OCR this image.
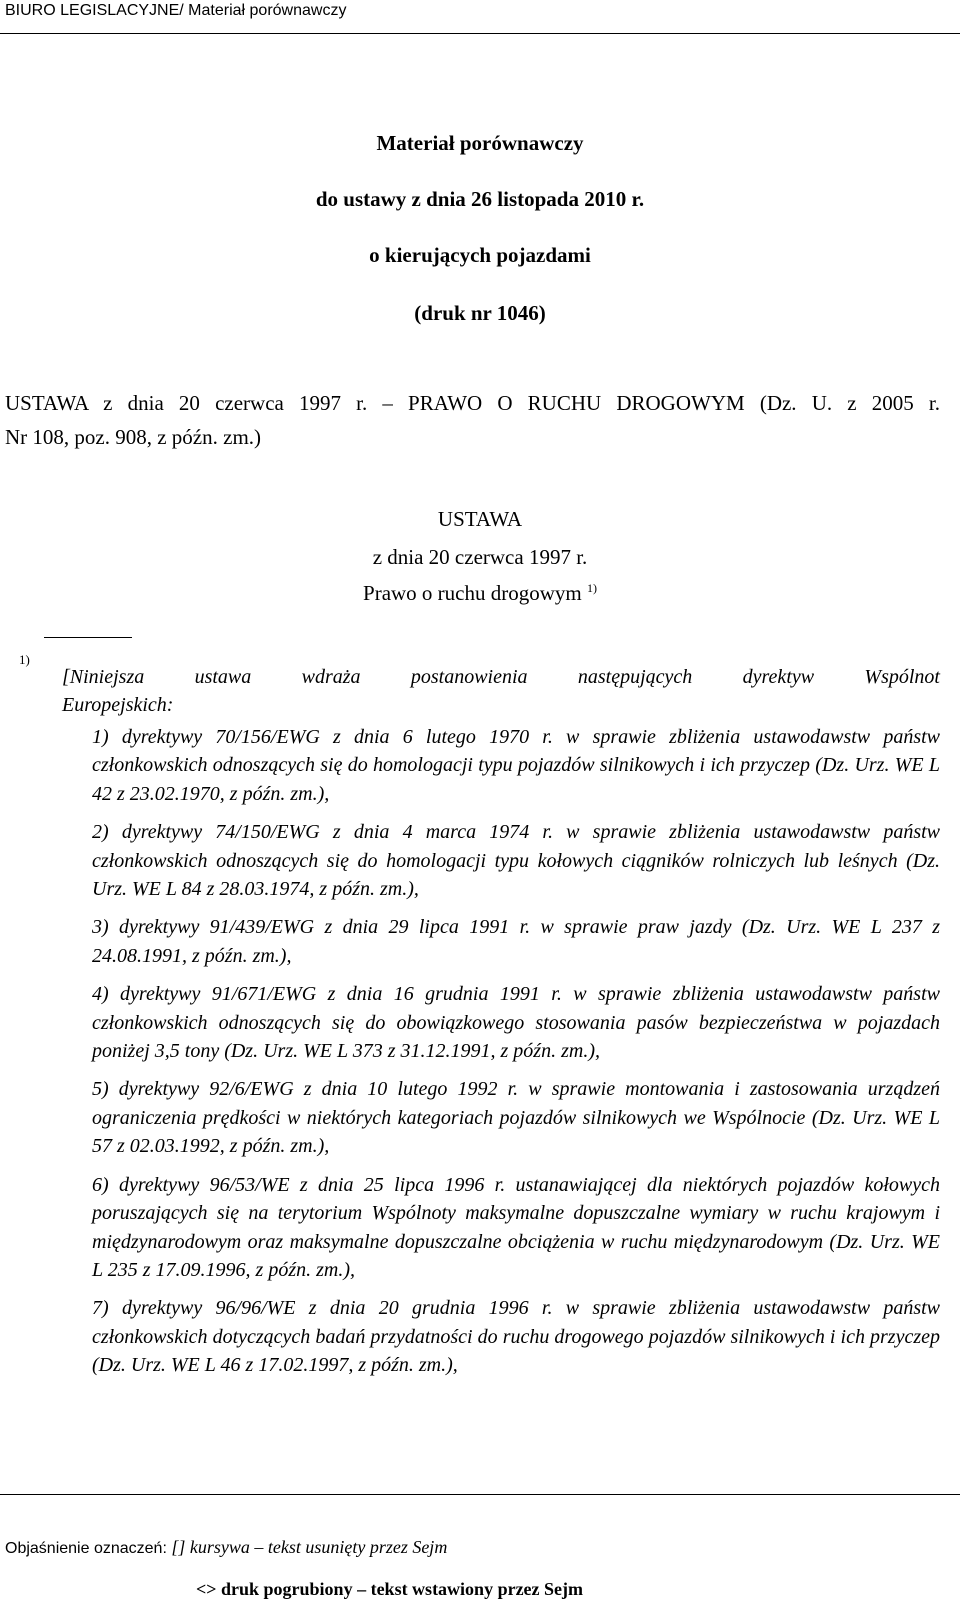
BIURO LEGISLACYJNE/ Materiał porównawczy
Materiał porównawczy
do ustawy z dnia 26 listopada 2010 r.
o kierujących pojazdami
(druk nr 1046)
USTAWA z dnia 20 czerwca 1997 r. – PRAWO O RUCHU DROGOWYM (Dz. U. z 2005 r.
Nr 108, poz. 908, z późn. zm.)
USTAWA
z dnia 20 czerwca 1997 r.
Prawo o ruchu drogowym $^{1)}$
1)
[Niniejsza ustawa wdraża postanowienia następujących dyrektyw Wspólnot
Europejskich:
1) dyrektywy 70/156/EWG z dnia 6 lutego 1970 r. w sprawie zbliżenia ustawodawstw państw członkowskich odnoszących się do homologacji typu pojazdów silnikowych i ich przyczep (Dz. Urz. WE L 42 z 23.02.1970, z późn. zm.),
2) dyrektywy 74/150/EWG z dnia 4 marca 1974 r. w sprawie zbliżenia ustawodawstw państw członkowskich odnoszących się do homologacji typu kołowych ciągników rolniczych lub leśnych (Dz. Urz. WE L 84 z 28.03.1974, z późn. zm.),
3) dyrektywy 91/439/EWG z dnia 29 lipca 1991 r. w sprawie praw jazdy (Dz. Urz. WE L 237 z 24.08.1991, z późn. zm.),
4) dyrektywy 91/671/EWG z dnia 16 grudnia 1991 r. w sprawie zbliżenia ustawodawstw państw członkowskich odnoszących się do obowiązkowego stosowania pasów bezpieczeństwa w pojazdach poniżej 3,5 tony (Dz. Urz. WE L 373 z 31.12.1991, z późn. zm.),
5) dyrektywy 92/6/EWG z dnia 10 lutego 1992 r. w sprawie montowania i zastosowania urządzeń ograniczenia prędkości w niektórych kategoriach pojazdów silnikowych we Wspólnocie (Dz. Urz. WE L 57 z 02.03.1992, z późn. zm.),
6) dyrektywy 96/53/WE z dnia 25 lipca 1996 r. ustanawiającej dla niektórych pojazdów kołowych poruszających się na terytorium Wspólnoty maksymalne dopuszczalne wymiary w ruchu krajowym i międzynarodowym oraz maksymalne dopuszczalne obciążenia w ruchu międzynarodowym (Dz. Urz. WE L 235 z 17.09.1996, z późn. zm.),
7) dyrektywy 96/96/WE z dnia 20 grudnia 1996 r. w sprawie zbliżenia ustawodawstw państw członkowskich dotyczących badań przydatności do ruchu drogowego pojazdów silnikowych i ich przyczep (Dz. Urz. WE L 46 z 17.02.1997, z późn. zm.),
Objaśnienie oznaczeń: [] kursywa – tekst usunięty przez Sejm
<> druk pogrubiony – tekst wstawiony przez Sejm
